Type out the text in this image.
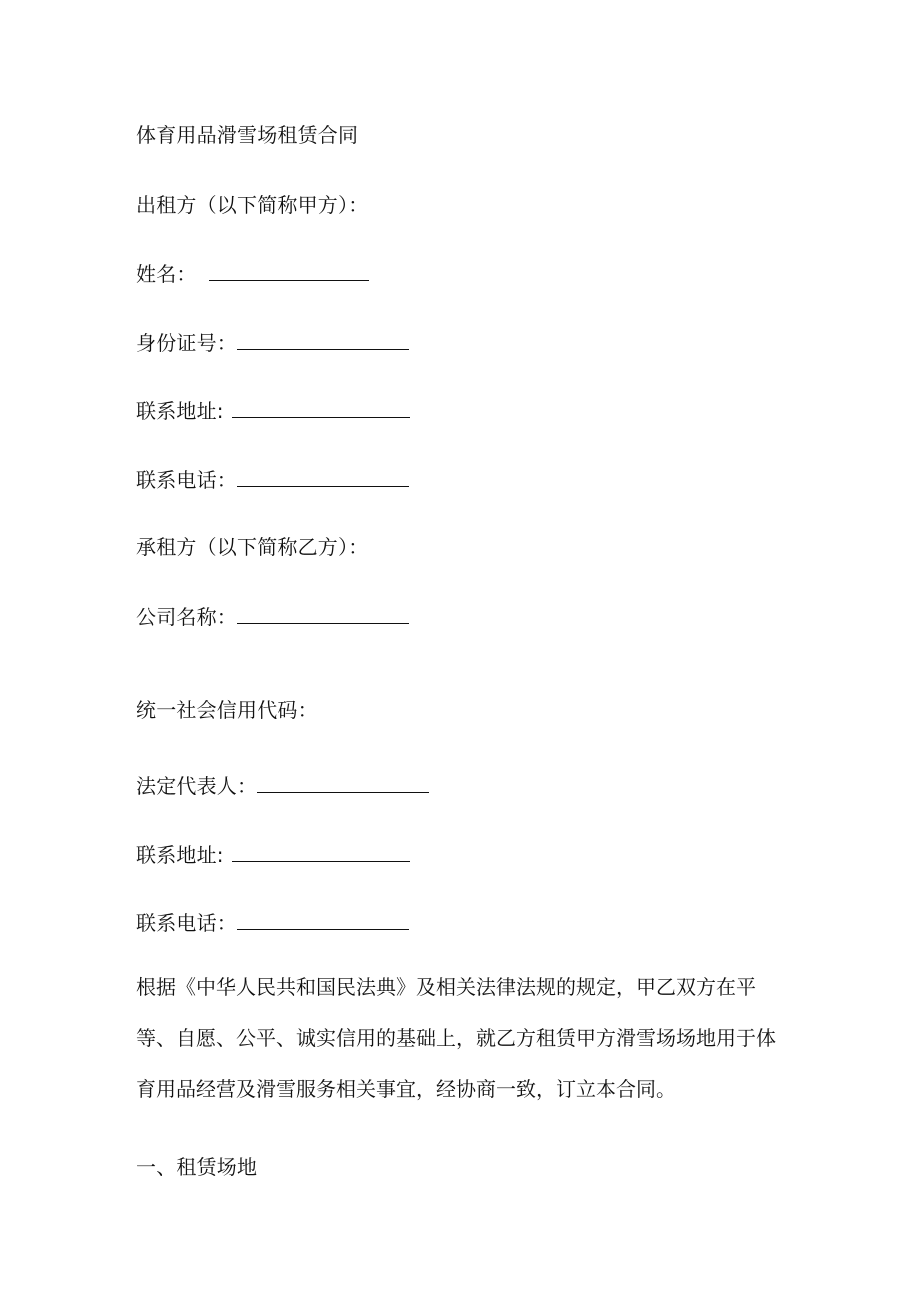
体育用品滑雪场租赁合同
出租方（以下简称甲方）：
姓名：
身份证号：
联系地址:
联系电话：
承租方（以下简称乙方）：
公司名称：
统一社会信用代码：
法定代表人：
联系地址:
联系电话：
根据《中华人民共和国民法典》及相关法律法规的规定，甲乙双方在平
等、自愿、公平、诚实信用的基础上，就乙方租赁甲方滑雪场场地用于体
育用品经营及滑雪服务相关事宜，经协商一致，订立本合同。
一、租赁场地
